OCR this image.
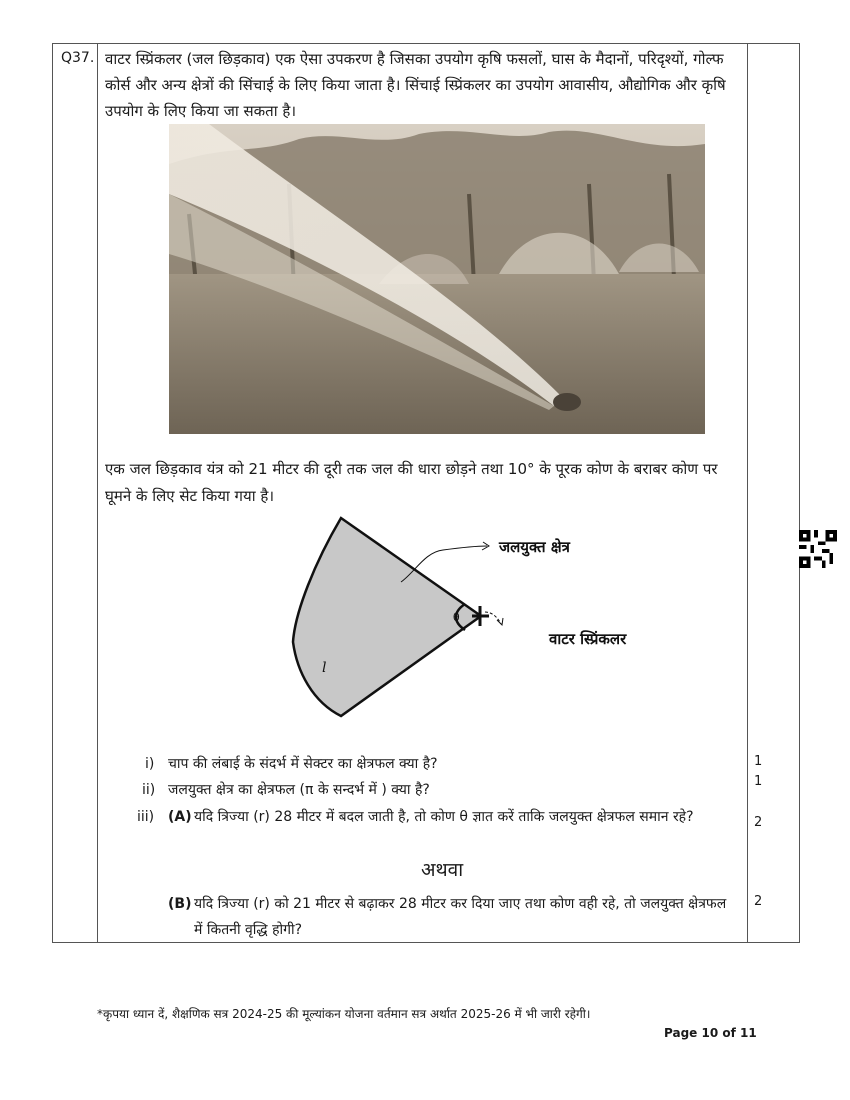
Q37. वाटर स्प्रिंकलर (जल छिड़काव) एक ऐसा उपकरण है जिसका उपयोग कृषि फसलों, घास के मैदानों, परिदृश्यों, गोल्फ कोर्स और अन्य क्षेत्रों की सिंचाई के लिए किया जाता है। सिंचाई स्प्रिंकलर का उपयोग आवासीय, औद्योगिक और कृषि उपयोग के लिए किया जा सकता है।
एक जल छिड़काव यंत्र को 21 मीटर की दूरी तक जल की धारा छोड़ने तथा 10° के पूरक कोण के बराबर कोण पर घूमने के लिए सेट किया गया है।
जलयुक्त क्षेत्र
वाटर स्प्रिंकलर
l
θ
i) चाप की लंबाई के संदर्भ में सेक्टर का क्षेत्रफल क्या है?	1
ii) जलयुक्त क्षेत्र का क्षेत्रफल (π के सन्दर्भ में ) क्या है?
1
iii) (A) यदि त्रिज्या (r) 28 मीटर में बदल जाती है, तो कोण θ ज्ञात करें ताकि जलयुक्त क्षेत्रफल समान रहे?	2
अथवा
(B) यदि त्रिज्या (r) को 21 मीटर से बढ़ाकर 28 मीटर कर दिया जाए तथा कोण वही रहे, तो जलयुक्त क्षेत्रफल में कितनी वृद्धि होगी?
2
*कृपया ध्यान दें, शैक्षणिक सत्र 2024-25 की मूल्यांकन योजना वर्तमान सत्र अर्थात 2025-26 में भी जारी रहेगी।
Page 10 of 11
